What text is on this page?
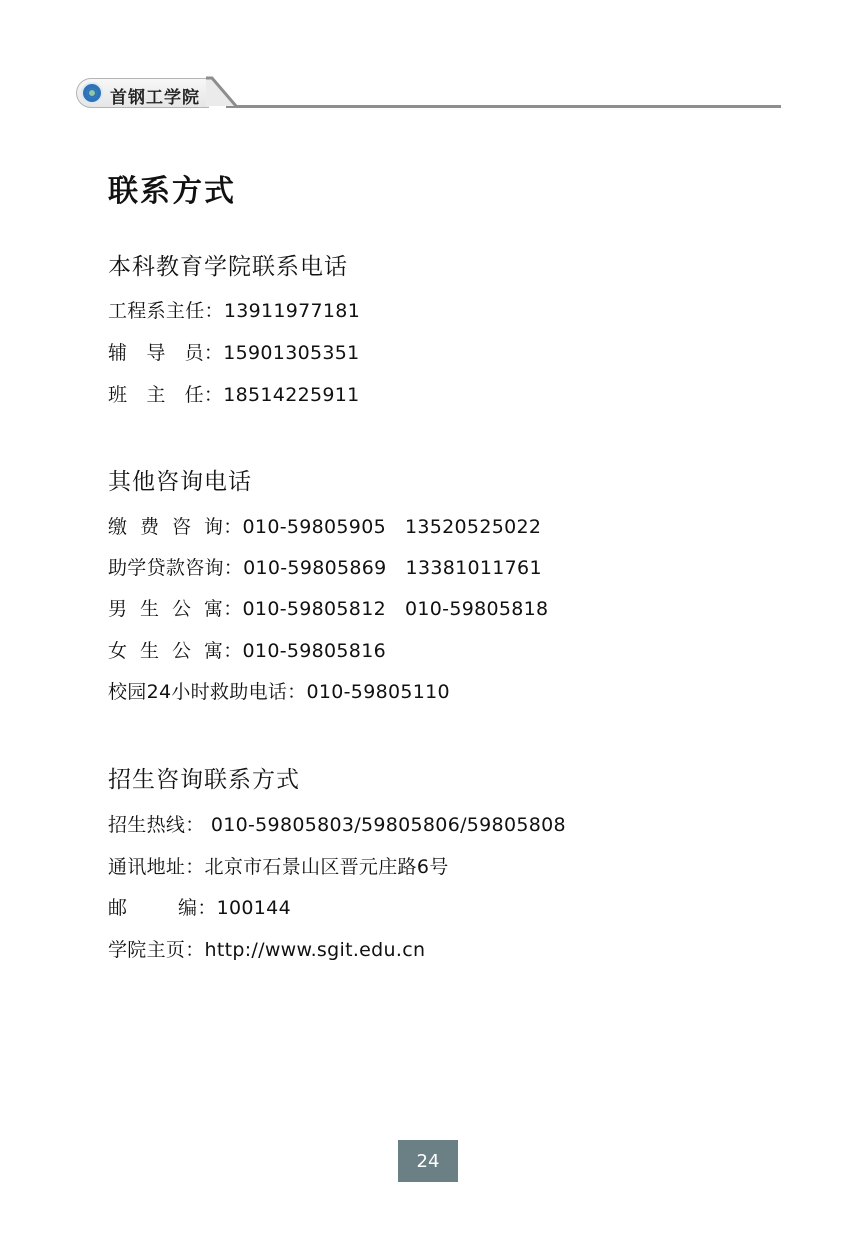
首钢工学院
联系方式
本科教育学院联系电话
工程系主任：13911977181
辅   导   员：15901305351
班   主   任：18514225911
其他咨询电话
缴  费  咨  询：010-59805905   13520525022
助学贷款咨询：010-59805869   13381011761
男  生  公  寓：010-59805812   010-59805818
女  生  公  寓：010-59805816
校园24小时救助电话：010-59805110
招生咨询联系方式
招生热线： 010-59805803/59805806/59805808
通讯地址：北京市石景山区晋元庄路6号
邮        编：100144
学院主页：http://www.sgit.edu.cn
24
